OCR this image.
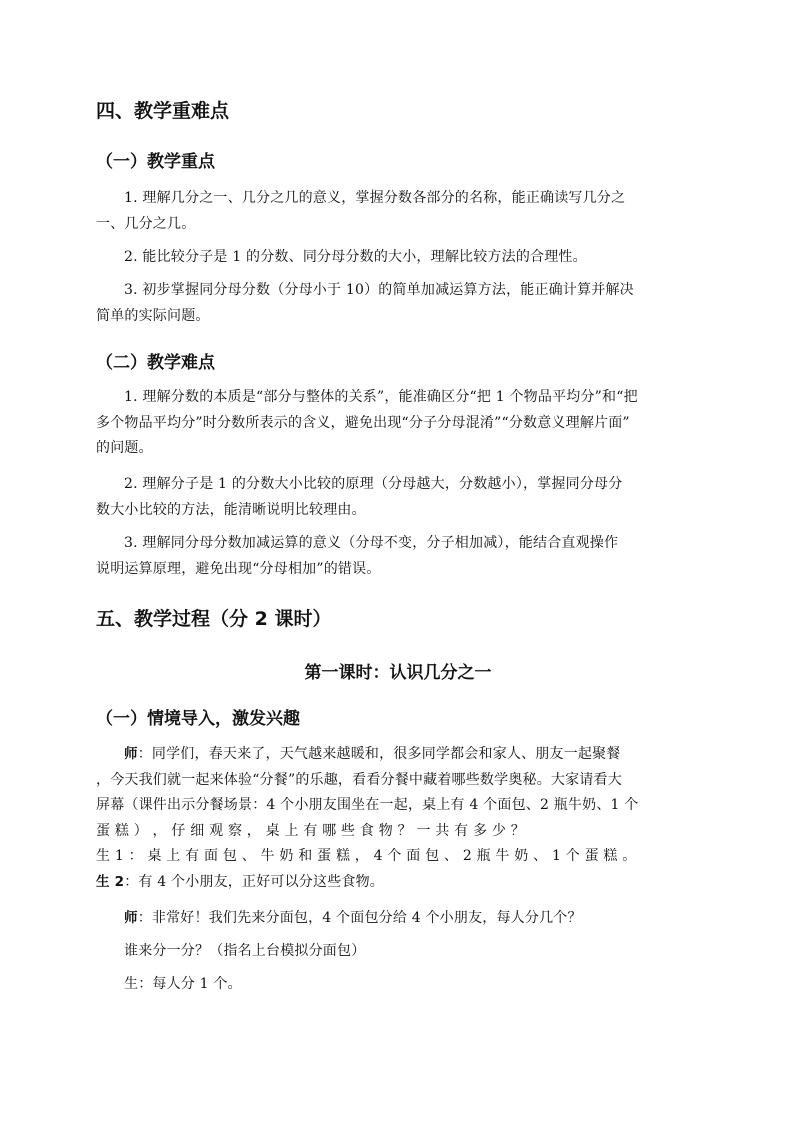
四、教学重难点
（一）教学重点
1. 理解几分之一、几分之几的意义，掌握分数各部分的名称，能正确读写几分之
一、几分之几。
2. 能比较分子是 1 的分数、同分母分数的大小，理解比较方法的合理性。
3. 初步掌握同分母分数（分母小于 10）的简单加减运算方法，能正确计算并解决
简单的实际问题。
（二）教学难点
1. 理解分数的本质是“部分与整体的关系”，能准确区分“把 1 个物品平均分”和“把
多个物品平均分”时分数所表示的含义，避免出现“分子分母混淆”“分数意义理解片面”
的问题。
2. 理解分子是 1 的分数大小比较的原理（分母越大，分数越小），掌握同分母分
数大小比较的方法，能清晰说明比较理由。
3. 理解同分母分数加减运算的意义（分母不变，分子相加减），能结合直观操作
说明运算原理，避免出现“分母相加”的错误。
五、教学过程（分 2 课时）
第一课时：认识几分之一
（一）情境导入，激发兴趣
师：同学们，春天来了，天气越来越暖和，很多同学都会和家人、朋友一起聚餐
，今天我们就一起来体验“分餐”的乐趣，看看分餐中藏着哪些数学奥秘。大家请看大
屏幕（课件出示分餐场景：4 个小朋友围坐在一起，桌上有 4 个面包、2 瓶牛奶、1 个
蛋 糕 ） ， 仔 细 观 察 ， 桌 上 有 哪 些 食 物 ？ 一 共 有 多 少 ？
生 1 ： 桌 上 有 面 包 、 牛 奶 和 蛋 糕 ， 4 个 面 包 、 2 瓶 牛 奶 、 1 个 蛋 糕 。
生 2：有 4 个小朋友，正好可以分这些食物。
师：非常好！我们先来分面包，4 个面包分给 4 个小朋友，每人分几个？
谁来分一分？（指名上台模拟分面包）
生：每人分 1 个。
